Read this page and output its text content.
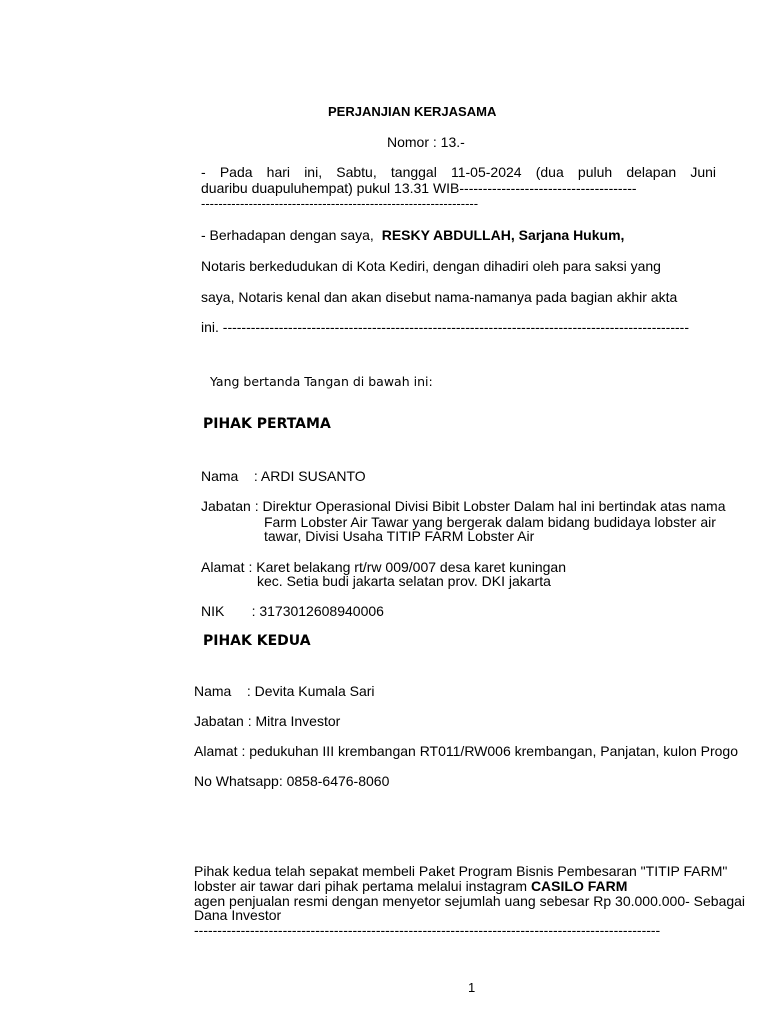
PERJANJIAN KERJASAMA
Nomor : 13.-
- Pada hari ini, Sabtu, tanggal 11-05-2024 (dua puluh delapan Juni
duaribu duapuluhempat) pukul 13.31 WIB--------------------------------------
----------------------------------------------------------------
- Berhadapan dengan saya, RESKY ABDULLAH, Sarjana Hukum,
Notaris berkedudukan di Kota Kediri, dengan dihadiri oleh para saksi yang
saya, Notaris kenal dan akan disebut nama-namanya pada bagian akhir akta
ini. ----------------------------------------------------------------------------------------------------
Yang bertanda Tangan di bawah ini:
PIHAK PERTAMA
Nama    : ARDI SUSANTO
Jabatan : Direktur Operasional Divisi Bibit Lobster Dalam hal ini bertindak atas nama
Farm Lobster Air Tawar yang bergerak dalam bidang budidaya lobster air
tawar, Divisi Usaha TITIP FARM Lobster Air
Alamat : Karet belakang rt/rw 009/007 desa karet kuningan
kec. Setia budi jakarta selatan prov. DKI jakarta
NIK       : 3173012608940006
PIHAK KEDUA
Nama    : Devita Kumala Sari
Jabatan : Mitra Investor
Alamat : pedukuhan III krembangan RT011/RW006 krembangan, Panjatan, kulon Progo
No Whatsapp: 0858-6476-8060
Pihak kedua telah sepakat membeli Paket Program Bisnis Pembesaran "TITIP FARM"
lobster air tawar dari pihak pertama melalui instagram CASILO FARM
agen penjualan resmi dengan menyetor sejumlah uang sebesar Rp 30.000.000- Sebagai
Dana Investor
----------------------------------------------------------------------------------------------------
1
